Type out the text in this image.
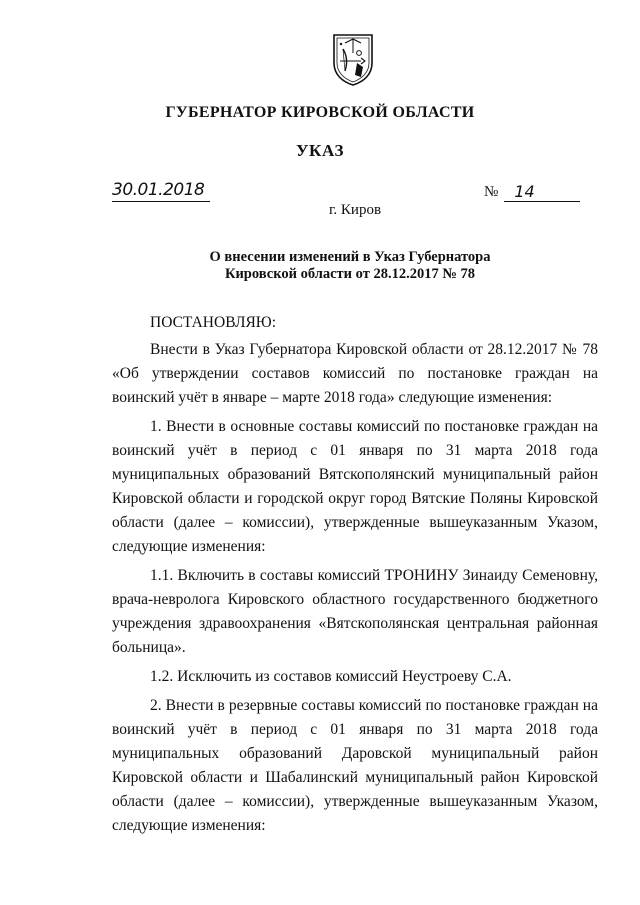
ГУБЕРНАТОР КИРОВСКОЙ ОБЛАСТИ
УКАЗ
30.01.2018	№ 14
г. Киров
О внесении изменений в Указ Губернатора
Кировской области от 28.12.2017 № 78

ПОСТАНОВЛЯЮ:

Внести в Указ Губернатора Кировской области от 28.12.2017 № 78 «Об утверждении составов комиссий по постановке граждан на воинский учёт в январе – марте 2018 года» следующие изменения:

1. Внести в основные составы комиссий по постановке граждан на воинский учёт в период с 01 января по 31 марта 2018 года муниципальных образований Вятскополянский муниципальный район Кировской области и городской округ город Вятские Поляны Кировской области (далее – комиссии), утвержденные вышеуказанным Указом, следующие изменения:

1.1. Включить в составы комиссий ТРОНИНУ Зинаиду Семеновну, врача-невролога Кировского областного государственного бюджетного учреждения здравоохранения «Вятскополянская центральная районная больница».

1.2. Исключить из составов комиссий Неустроеву С.А.

2. Внести в резервные составы комиссий по постановке граждан на воинский учёт в период с 01 января по 31 марта 2018 года муниципальных образований Даровской муниципальный район Кировской области и Шабалинский муниципальный район Кировской области (далее – комиссии), утвержденные вышеуказанным Указом, следующие изменения:
